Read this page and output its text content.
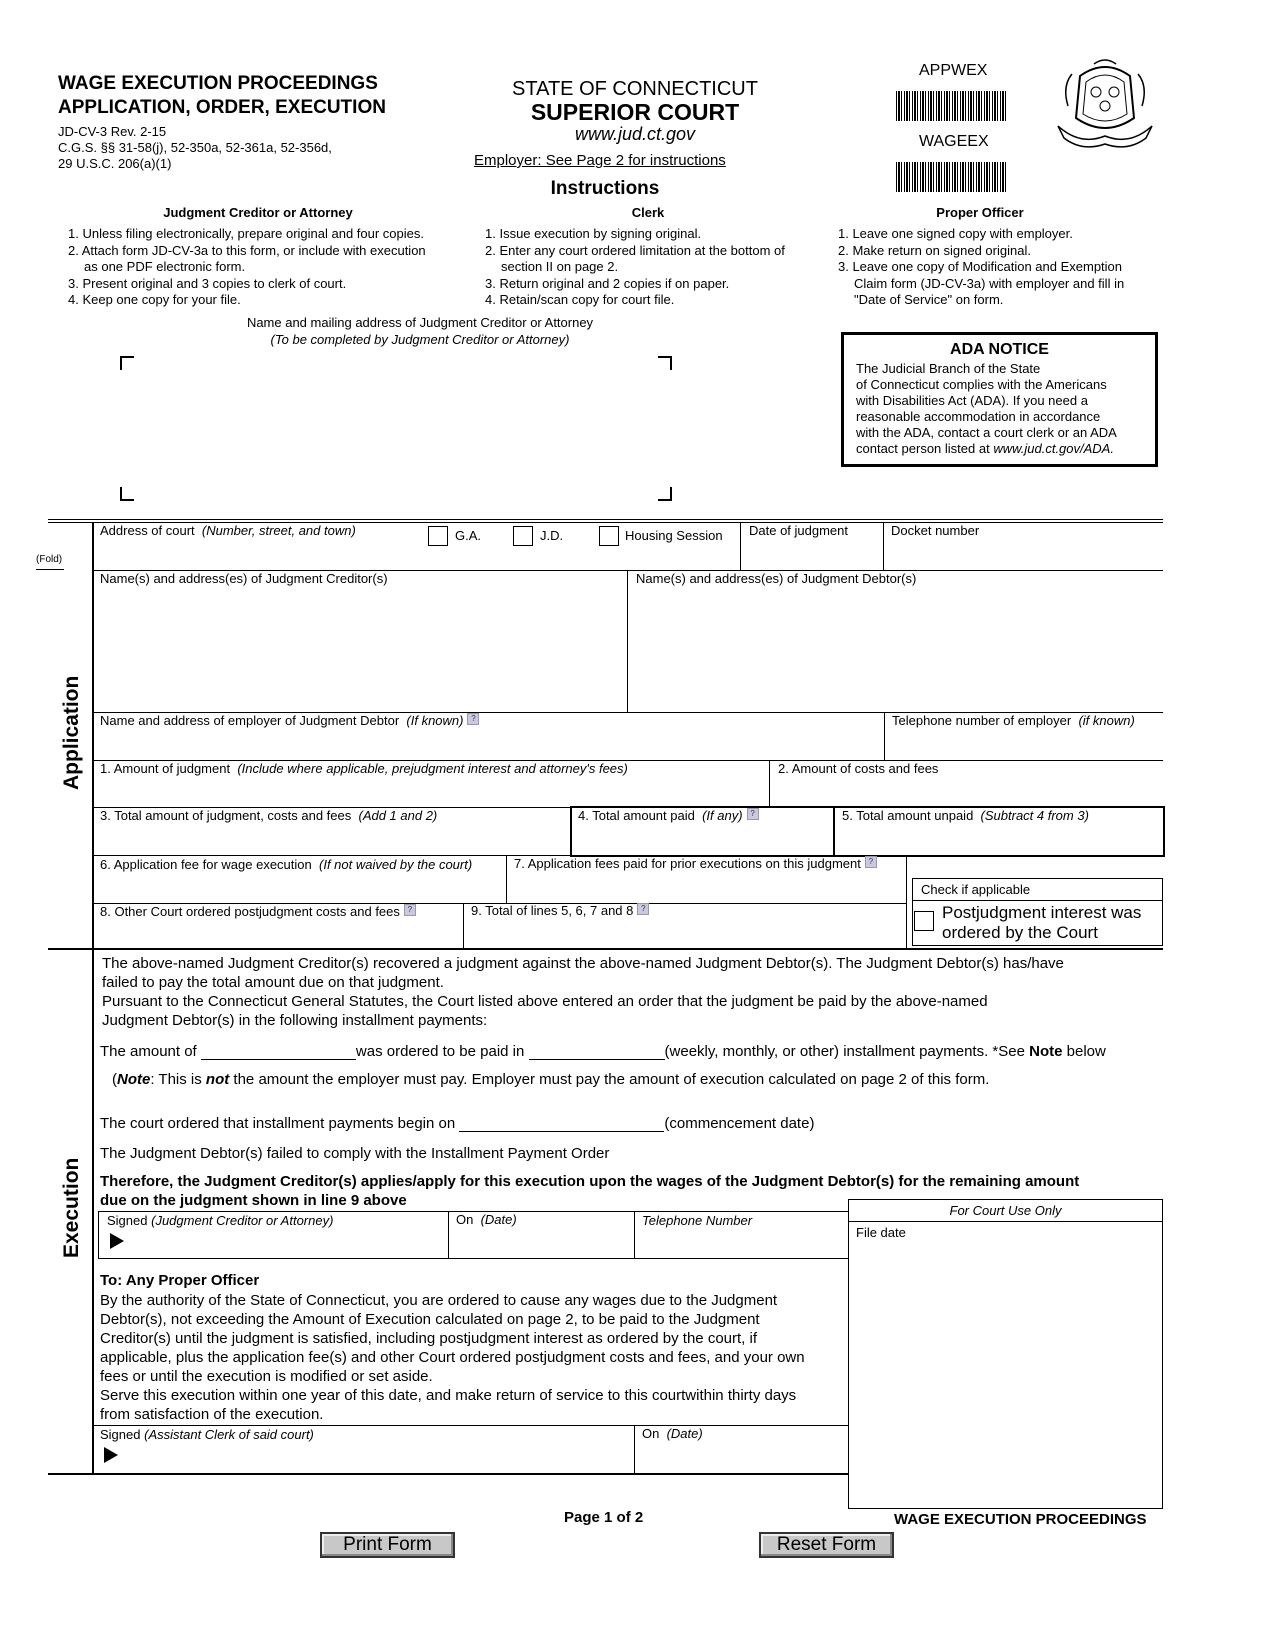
WAGE EXECUTION PROCEEDINGS
APPLICATION, ORDER, EXECUTION
JD-CV-3 Rev. 2-15
C.G.S. §§ 31-58(j), 52-350a, 52-361a, 52-356d,
29 U.S.C. 206(a)(1)
STATE OF CONNECTICUT
SUPERIOR COURT
www.jud.ct.gov
Employer: See Page 2 for instructions
Instructions
APPWEX
WAGEEX
Judgment Creditor or Attorney
1. Unless filing electronically, prepare original and four copies.
2. Attach form JD-CV-3a to this form, or include with execution
as one PDF electronic form.
3. Present original and 3 copies to clerk of court.
4. Keep one copy for your file.
Clerk
1. Issue execution by signing original.
2. Enter any court ordered limitation at the bottom of
section II on page 2.
3. Return original and 2 copies if on paper.
4. Retain/scan copy for court file.
Proper Officer
1. Leave one signed copy with employer.
2. Make return on signed original.
3. Leave one copy of Modification and Exemption
Claim form (JD-CV-3a) with employer and fill in
"Date of Service" on form.
Name and mailing address of Judgment Creditor or Attorney
(To be completed by Judgment Creditor or Attorney)
ADA NOTICE
The Judicial Branch of the State
of Connecticut complies with the Americans
with Disabilities Act (ADA). If you need a
reasonable accommodation in accordance
with the ADA, contact a court clerk or an ADA
contact person listed at www.jud.ct.gov/ADA.
(Fold)
Application
Address of court (Number, street, and town)	G.A.	J.D.	Housing Session Date of judgment	Docket number
Name(s) and address(es) of Judgment Creditor(s)	Name(s) and address(es) of Judgment Debtor(s)
Name and address of employer of Judgment Debtor (If known) ?	Telephone number of employer (if known)
1. Amount of judgment (Include where applicable, prejudgment interest and attorney's fees)	2. Amount of costs and fees
3. Total amount of judgment, costs and fees (Add 1 and 2)	4. Total amount paid (If any) ?	5. Total amount unpaid (Subtract 4 from 3)
6. Application fee for wage execution (If not waived by the court)	7. Application fees paid for prior executions on this judgment ?
Check if applicable
Postjudgment interest was
ordered by the Court
8. Other Court ordered postjudgment costs and fees ?	9. Total of lines 5, 6, 7 and 8 ?
Execution
The above-named Judgment Creditor(s) recovered a judgment against the above-named Judgment Debtor(s). The Judgment Debtor(s) has/have
failed to pay the total amount due on that judgment.
Pursuant to the Connecticut General Statutes, the Court listed above entered an order that the judgment be paid by the above-named
Judgment Debtor(s) in the following installment payments:
The amount of	was ordered to be paid in	(weekly, monthly, or other) installment payments. *See Note below
(Note: This is not the amount the employer must pay. Employer must pay the amount of execution calculated on page 2 of this form.
The court ordered that installment payments begin on	(commencement date)
The Judgment Debtor(s) failed to comply with the Installment Payment Order
Therefore, the Judgment Creditor(s) applies/apply for this execution upon the wages of the Judgment Debtor(s) for the remaining amount
due on the judgment shown in line 9 above
Signed (Judgment Creditor or Attorney)	On (Date)	Telephone Number
For Court Use Only
File date
To: Any Proper Officer
By the authority of the State of Connecticut, you are ordered to cause any wages due to the Judgment
Debtor(s), not exceeding the Amount of Execution calculated on page 2, to be paid to the Judgment
Creditor(s) until the judgment is satisfied, including postjudgment interest as ordered by the court, if
applicable, plus the application fee(s) and other Court ordered postjudgment costs and fees, and your own
fees or until the execution is modified or set aside.
Serve this execution within one year of this date, and make return of service to this courtwithin thirty days
from satisfaction of the execution.
Signed (Assistant Clerk of said court)	On (Date)
Page 1 of 2	WAGE EXECUTION PROCEEDINGS
Print Form	Reset Form
